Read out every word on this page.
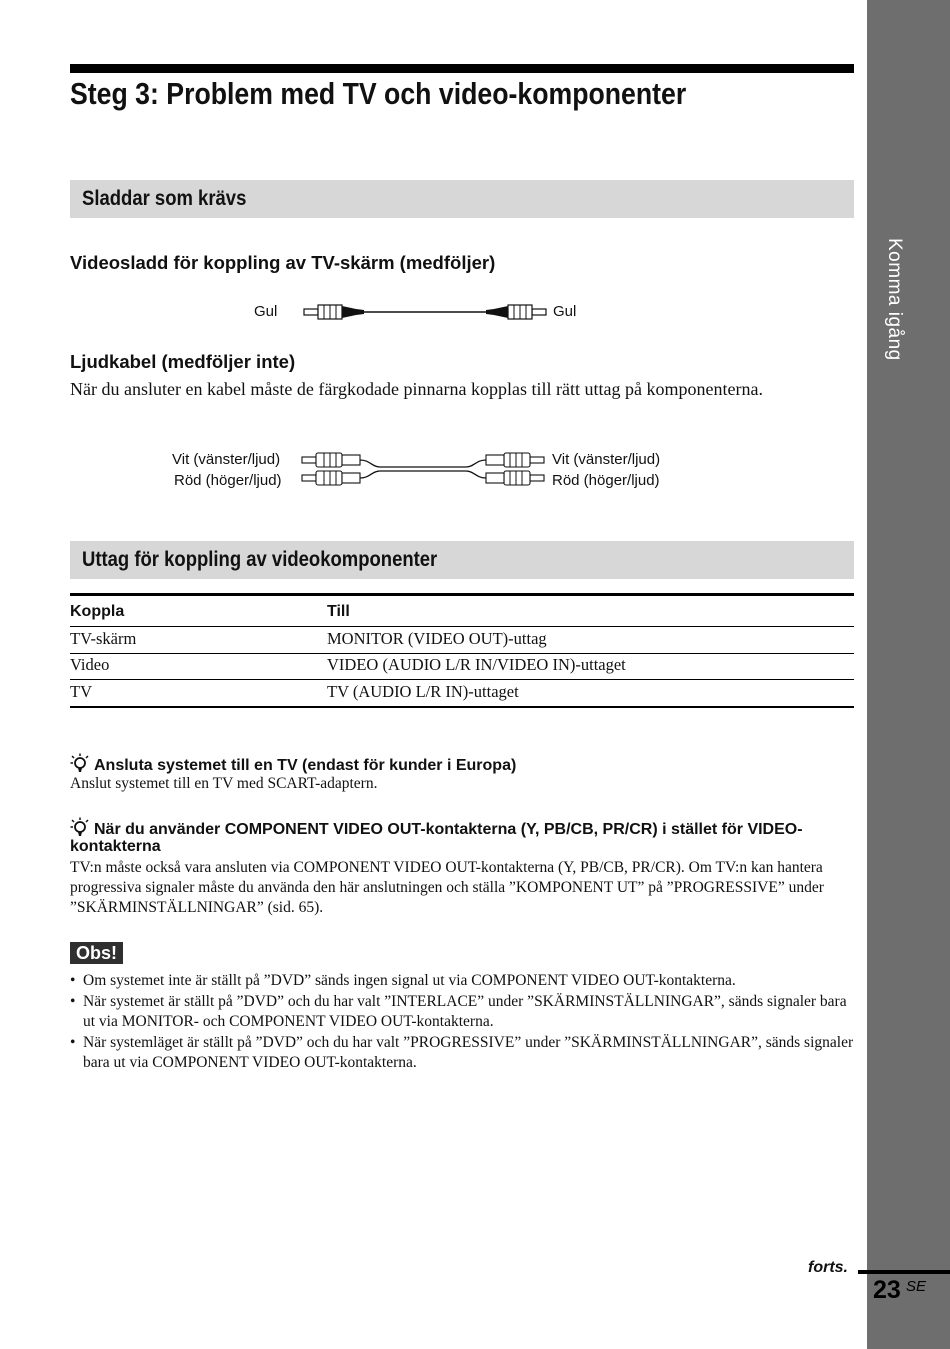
Komma igång
Steg 3: Problem med TV och video-komponenter
Sladdar som krävs
Videosladd för koppling av TV-skärm (medföljer)
Gul	Gul
Ljudkabel (medföljer inte)
När du ansluter en kabel måste de färgkodade pinnarna kopplas till rätt uttag på komponenterna.
Vit (vänster/ljud)
Röd (höger/ljud)
Vit (vänster/ljud)
Röd (höger/ljud)
Uttag för koppling av videokomponenter
Koppla	Till
TV-skärm	MONITOR (VIDEO OUT)-uttag
Video	VIDEO (AUDIO L/R IN/VIDEO IN)-uttaget
TV	TV (AUDIO L/R IN)-uttaget
Ansluta systemet till en TV (endast för kunder i Europa)
Anslut systemet till en TV med SCART-adaptern.
När du använder COMPONENT VIDEO OUT-kontakterna (Y, PB/CB, PR/CR) i stället för VIDEO-
kontakterna
TV:n måste också vara ansluten via COMPONENT VIDEO OUT-kontakterna (Y, PB/CB, PR/CR). Om TV:n kan hantera progressiva signaler måste du använda den här anslutningen och ställa ”KOMPONENT UT” på ”PROGRESSIVE” under ”SKÄRMINSTÄLLNINGAR” (sid. 65).
Obs!
• Om systemet inte är ställt på ”DVD” sänds ingen signal ut via COMPONENT VIDEO OUT-kontakterna.
• När systemet är ställt på ”DVD” och du har valt ”INTERLACE” under ”SKÄRMINSTÄLLNINGAR”, sänds signaler bara ut via MONITOR- och COMPONENT VIDEO OUT-kontakterna.
• När systemläget är ställt på ”DVD” och du har valt ”PROGRESSIVE” under ”SKÄRMINSTÄLLNINGAR”, sänds signaler bara ut via COMPONENT VIDEO OUT-kontakterna.
forts.
23 SE
